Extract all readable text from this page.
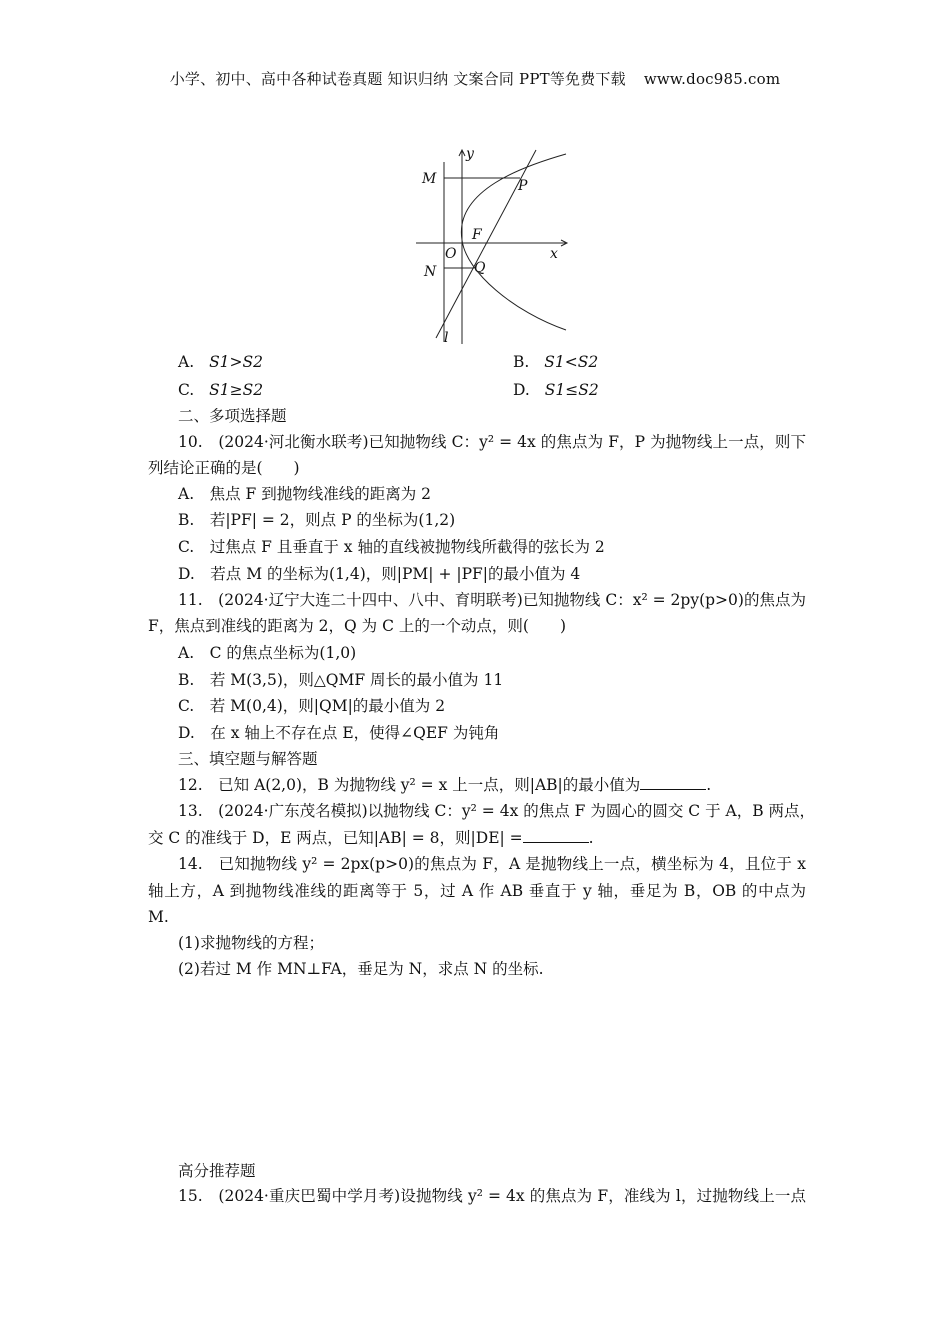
小学、初中、高中各种试卷真题 知识归纳 文案合同 PPT等免费下载 www.doc985.com
y
M	P
F
O	x
N	Q
l
A. S1>S2	B. S1<S2
C. S1≥S2	D. S1≤S2
二、多项选择题
10.　(2024·河北衡水联考)已知抛物线 C：y² = 4x 的焦点为 F，P 为抛物线上一点，则下
列结论正确的是(　　)
A.　焦点 F 到抛物线准线的距离为 2
B.　若|PF| = 2，则点 P 的坐标为(1,2)
C.　过焦点 F 且垂直于 x 轴的直线被抛物线所截得的弦长为 2
D.　若点 M 的坐标为(1,4)，则|PM| + |PF|的最小值为 4
11.　(2024·辽宁大连二十四中、八中、育明联考)已知抛物线 C：x² = 2py(p>0)的焦点为
F，焦点到准线的距离为 2，Q 为 C 上的一个动点，则(　　)
A.　C 的焦点坐标为(1,0)
B.　若 M(3,5)，则△QMF 周长的最小值为 11
C.　若 M(0,4)，则|QM|的最小值为 2
D.　在 x 轴上不存在点 E，使得∠QEF 为钝角
三、填空题与解答题
12.　已知 A(2,0)，B 为抛物线 y² = x 上一点，则|AB|的最小值为	.
13.　(2024·广东茂名模拟)以抛物线 C：y² = 4x 的焦点 F 为圆心的圆交 C 于 A，B 两点，
交 C 的准线于 D，E 两点，已知|AB| = 8，则|DE| =	.
14.　已知抛物线 y² = 2px(p>0)的焦点为 F，A 是抛物线上一点，横坐标为 4，且位于 x
轴上方，A 到抛物线准线的距离等于 5，过 A 作 AB 垂直于 y 轴，垂足为 B，OB 的中点为
M.
(1)求抛物线的方程；
(2)若过 M 作 MN⊥FA，垂足为 N，求点 N 的坐标.
高分推荐题
15.　(2024·重庆巴蜀中学月考)设抛物线 y² = 4x 的焦点为 F，准线为 l，过抛物线上一点
